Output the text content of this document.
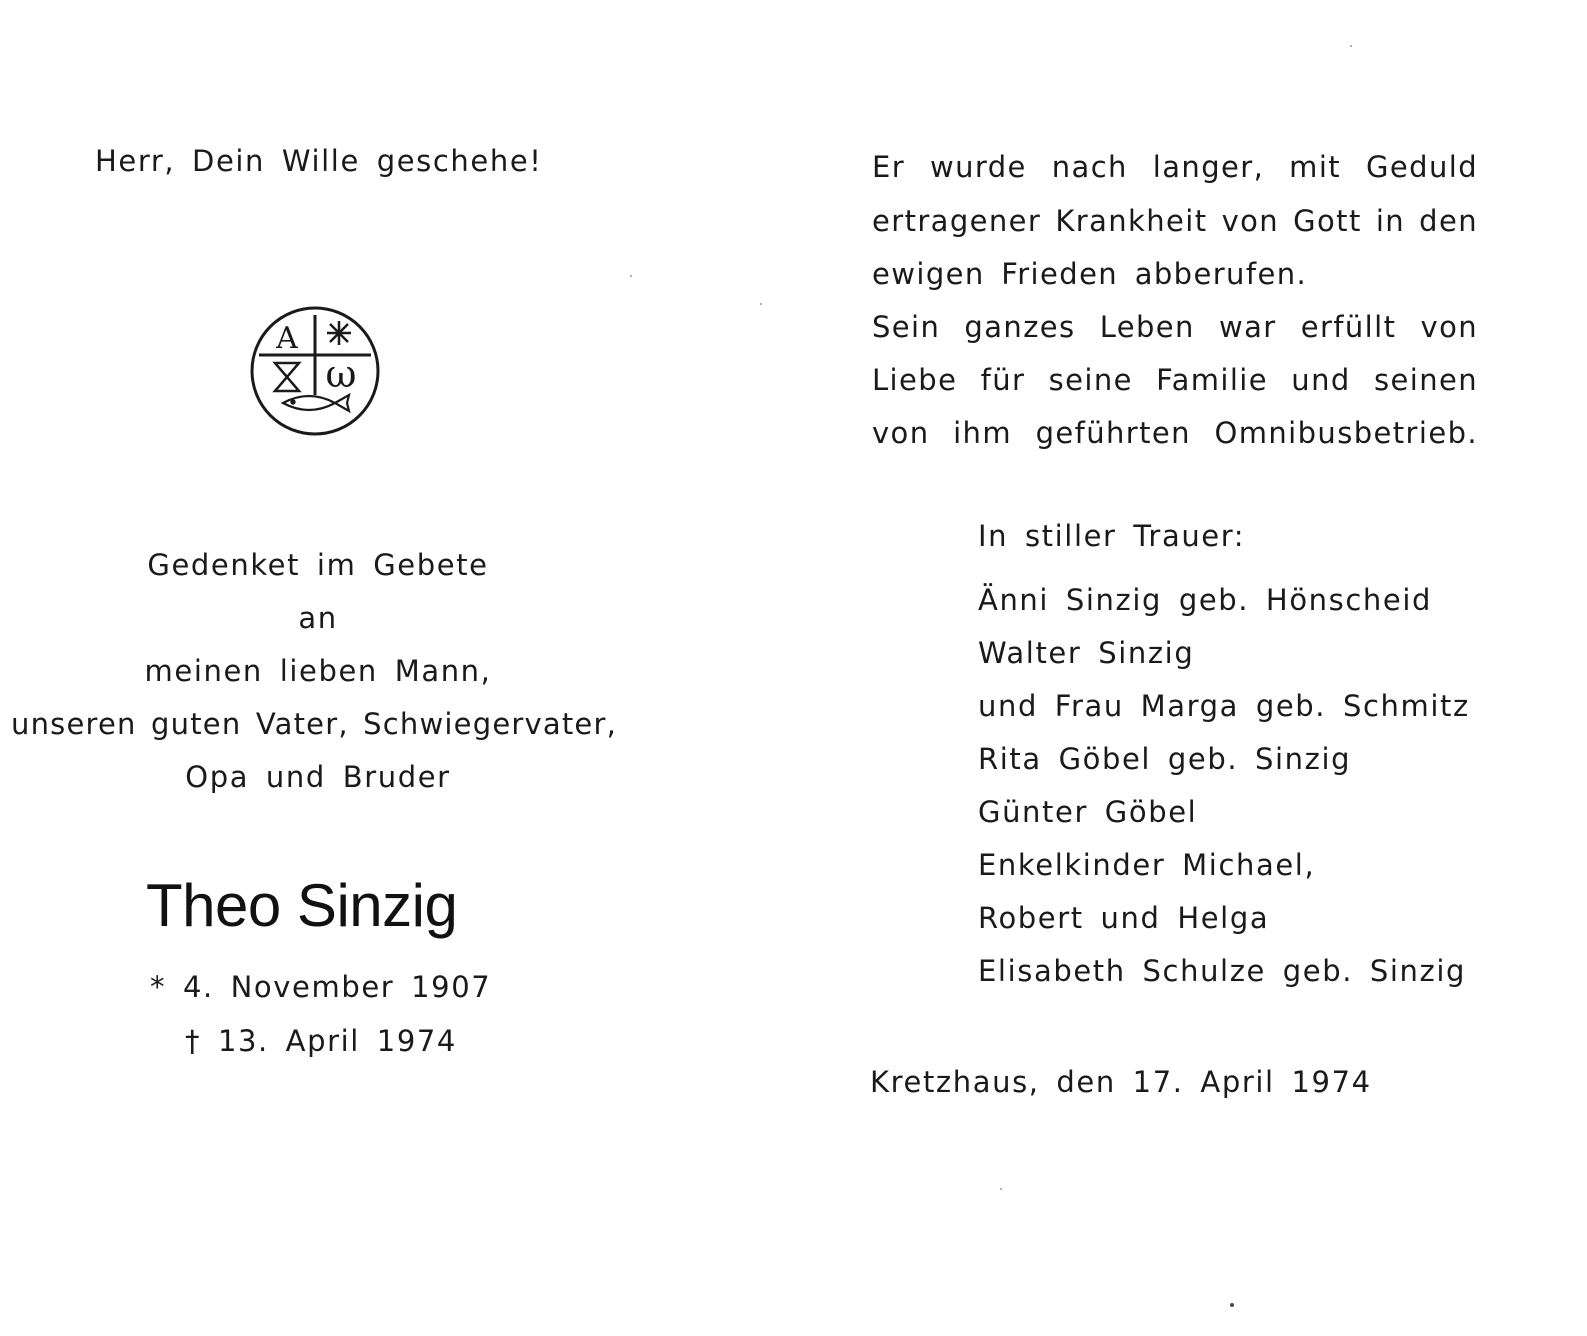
Herr, Dein Wille geschehe!
A
ω
Gedenket im Gebete
an
meinen lieben Mann,
unseren guten Vater, Schwiegervater,
Opa und Bruder
Theo Sinzig
* 4. November 1907
† 13. April 1974
Er wurde nach langer, mit Geduld
ertragener Krankheit von Gott in den
ewigen Frieden abberufen.
Sein ganzes Leben war erfüllt von
Liebe für seine Familie und seinen
von ihm geführten Omnibusbetrieb.
In stiller Trauer:
Änni Sinzig geb. Hönscheid
Walter Sinzig
und Frau Marga geb. Schmitz
Rita Göbel geb. Sinzig
Günter Göbel
Enkelkinder Michael,
Robert und Helga
Elisabeth Schulze geb. Sinzig
Kretzhaus, den 17. April 1974
